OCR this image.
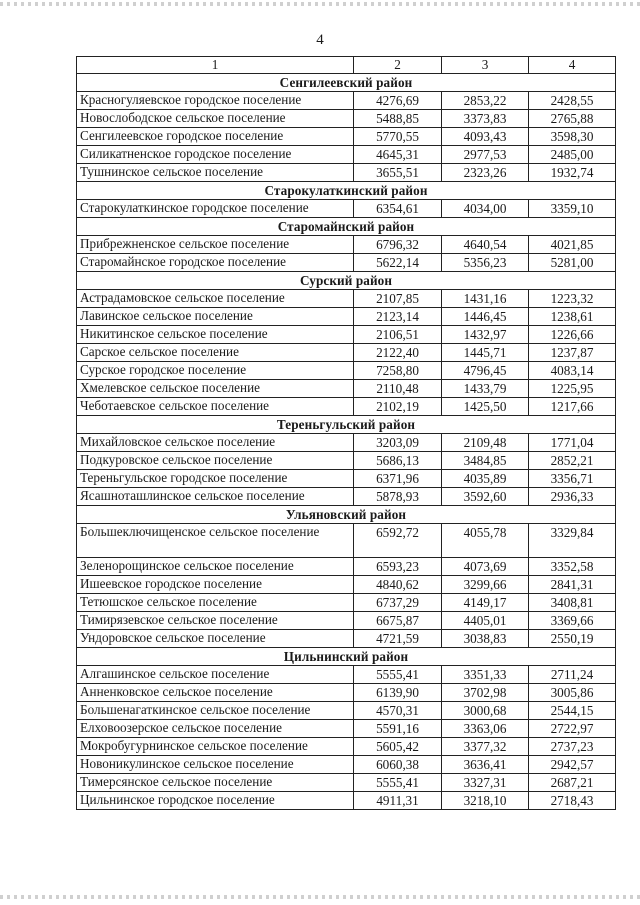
4
1	2	3	4
Сенгилеевский район			
Красногуляевское городское поселение	4276,69	2853,22	2428,55
Новослободское сельское поселение	5488,85	3373,83	2765,88
Сенгилеевское городское поселение	5770,55	4093,43	3598,30
Силикатненское городское поселение	4645,31	2977,53	2485,00
Тушнинское сельское поселение	3655,51	2323,26	1932,74
Старокулаткинский район			
Старокулаткинское городское поселение	6354,61	4034,00	3359,10
Старомайнский район			
Прибрежненское сельское поселение	6796,32	4640,54	4021,85
Старомайнское городское поселение	5622,14	5356,23	5281,00
Сурский район			
Астрадамовское сельское поселение	2107,85	1431,16	1223,32
Лавинское сельское поселение	2123,14	1446,45	1238,61
Никитинское сельское поселение	2106,51	1432,97	1226,66
Сарское сельское поселение	2122,40	1445,71	1237,87
Сурское городское поселение	7258,80	4796,45	4083,14
Хмелевское сельское поселение	2110,48	1433,79	1225,95
Чеботаевское сельское поселение	2102,19	1425,50	1217,66
Тереньгульский район			
Михайловское сельское поселение	3203,09	2109,48	1771,04
Подкуровское сельское поселение	5686,13	3484,85	2852,21
Тереньгульское городское поселение	6371,96	4035,89	3356,71
Ясашноташлинское сельское поселение	5878,93	3592,60	2936,33
Ульяновский район			
Большеключищенское сельское поселение	6592,72	4055,78	3329,84
Зеленорощинское сельское поселение	6593,23	4073,69	3352,58
Ишеевское городское поселение	4840,62	3299,66	2841,31
Тетюшское сельское поселение	6737,29	4149,17	3408,81
Тимирязевское сельское поселение	6675,87	4405,01	3369,66
Ундоровское сельское поселение	4721,59	3038,83	2550,19
Цильнинский район			
Алгашинское сельское поселение	5555,41	3351,33	2711,24
Анненковское сельское поселение	6139,90	3702,98	3005,86
Большенагаткинское сельское поселение	4570,31	3000,68	2544,15
Елховоозерское сельское поселение	5591,16	3363,06	2722,97
Мокробугурнинское сельское поселение	5605,42	3377,32	2737,23
Новоникулинское сельское поселение	6060,38	3636,41	2942,57
Тимерсянское сельское поселение	5555,41	3327,31	2687,21
Цильнинское городское поселение	4911,31	3218,10	2718,43
